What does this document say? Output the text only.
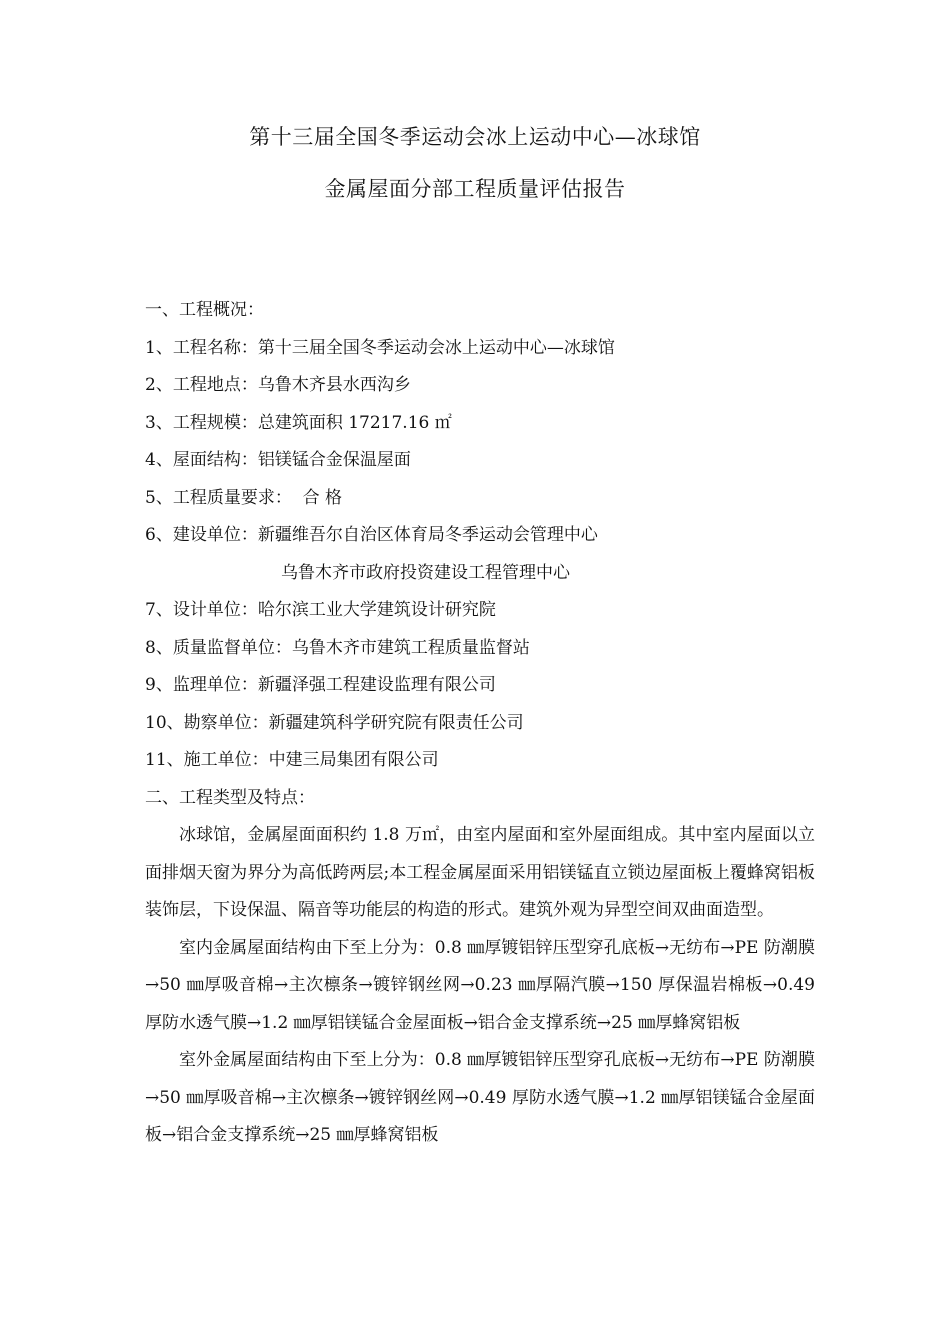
第十三届全国冬季运动会冰上运动中心—冰球馆
金属屋面分部工程质量评估报告
一、工程概况：
1、工程名称：第十三届全国冬季运动会冰上运动中心—冰球馆
2、工程地点：乌鲁木齐县水西沟乡
3、工程规模：总建筑面积 17217.16 ㎡
4、屋面结构：铝镁锰合金保温屋面
5、工程质量要求：  合 格
6、建设单位：新疆维吾尔自治区体育局冬季运动会管理中心
乌鲁木齐市政府投资建设工程管理中心
7、设计单位：哈尔滨工业大学建筑设计研究院
8、质量监督单位：乌鲁木齐市建筑工程质量监督站
9、监理单位：新疆泽强工程建设监理有限公司
10、勘察单位：新疆建筑科学研究院有限责任公司
11、施工单位：中建三局集团有限公司
二、工程类型及特点：
冰球馆，金属屋面面积约 1.8 万㎡，由室内屋面和室外屋面组成。其中室内屋面以立面排烟天窗为界分为高低跨两层;本工程金属屋面采用铝镁锰直立锁边屋面板上覆蜂窝铝板装饰层，下设保温、隔音等功能层的构造的形式。建筑外观为异型空间双曲面造型。
室内金属屋面结构由下至上分为：0.8 ㎜厚镀铝锌压型穿孔底板→无纺布→PE 防潮膜→50 ㎜厚吸音棉→主次檩条→镀锌钢丝网→0.23 ㎜厚隔汽膜→150 厚保温岩棉板→0.49 厚防水透气膜→1.2 ㎜厚铝镁锰合金屋面板→铝合金支撑系统→25 ㎜厚蜂窝铝板
室外金属屋面结构由下至上分为：0.8 ㎜厚镀铝锌压型穿孔底板→无纺布→PE 防潮膜→50 ㎜厚吸音棉→主次檩条→镀锌钢丝网→0.49 厚防水透气膜→1.2 ㎜厚铝镁锰合金屋面板→铝合金支撑系统→25 ㎜厚蜂窝铝板
